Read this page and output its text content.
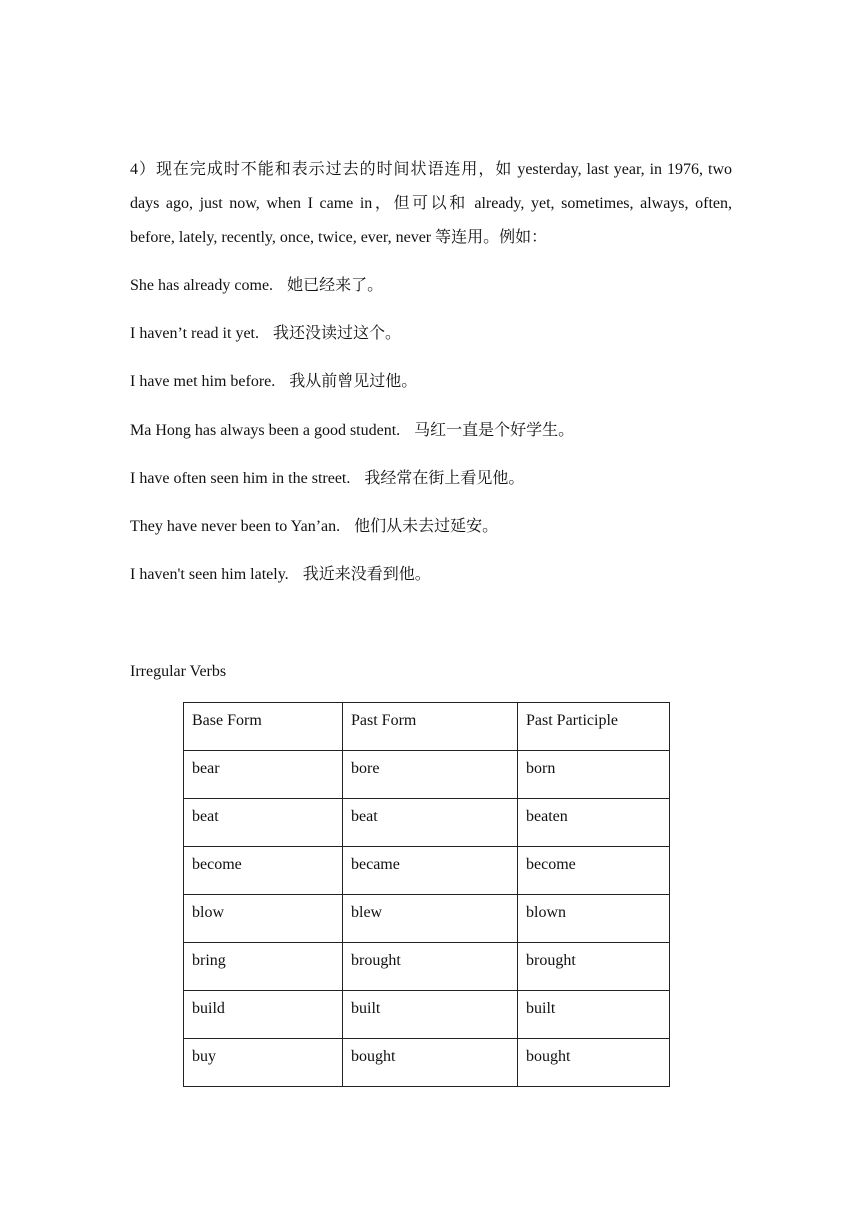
4）现在完成时不能和表示过去的时间状语连用，如 yesterday, last year, in 1976, two days ago, just now, when I came in，但可以和 already, yet, sometimes, always, often, before, lately, recently, once, twice, ever, never 等连用。例如：

She has already come. 她已经来了。

I haven’t read it yet. 我还没读过这个。

I have met him before. 我从前曾见过他。

Ma Hong has always been a good student. 马红一直是个好学生。

I have often seen him in the street. 我经常在街上看见他。

They have never been to Yan’an. 他们从未去过延安。

I haven't seen him lately. 我近来没看到他。

Irregular Verbs

Base Form	Past Form	Past Participle
bear	bore	born
beat	beat	beaten
become	became	become
blow	blew	blown
bring	brought	brought
build	built	built
buy	bought	bought
